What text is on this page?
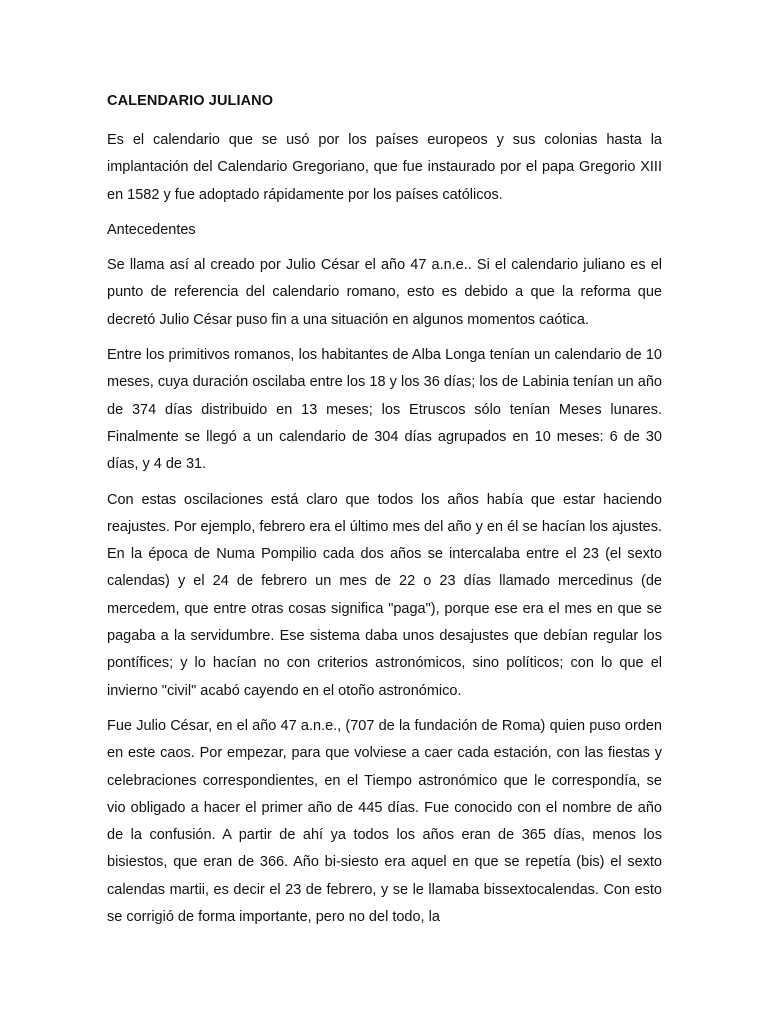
CALENDARIO JULIANO

Es el calendario que se usó por los países europeos y sus colonias hasta la implantación del Calendario Gregoriano, que fue instaurado por el papa Gregorio XIII en 1582 y fue adoptado rápidamente por los países católicos.

Antecedentes

Se llama así al creado por Julio César el año 47 a.n.e.. Si el calendario juliano es el punto de referencia del calendario romano, esto es debido a que la reforma que decretó Julio César puso fin a una situación en algunos momentos caótica.

Entre los primitivos romanos, los habitantes de Alba Longa tenían un calendario de 10 meses, cuya duración oscilaba entre los 18 y los 36 días; los de Labinia tenían un año de 374 días distribuido en 13 meses; los Etruscos sólo tenían Meses lunares. Finalmente se llegó a un calendario de 304 días agrupados en 10 meses: 6 de 30 días, y 4 de 31.

Con estas oscilaciones está claro que todos los años había que estar haciendo reajustes. Por ejemplo, febrero era el último mes del año y en él se hacían los ajustes. En la época de Numa Pompilio cada dos años se intercalaba entre el 23 (el sexto calendas) y el 24 de febrero un mes de 22 o 23 días llamado mercedinus (de mercedem, que entre otras cosas significa "paga"), porque ese era el mes en que se pagaba a la servidumbre. Ese sistema daba unos desajustes que debían regular los pontífices; y lo hacían no con criterios astronómicos, sino políticos; con lo que el invierno "civil" acabó cayendo en el otoño astronómico.

Fue Julio César, en el año 47 a.n.e., (707 de la fundación de Roma) quien puso orden en este caos. Por empezar, para que volviese a caer cada estación, con las fiestas y celebraciones correspondientes, en el Tiempo astronómico que le correspondía, se vio obligado a hacer el primer año de 445 días. Fue conocido con el nombre de año de la confusión. A partir de ahí ya todos los años eran de 365 días, menos los bisiestos, que eran de 366. Año bi-siesto era aquel en que se repetía (bis) el sexto calendas martii, es decir el 23 de febrero, y se le llamaba bissextocalendas. Con esto se corrigió de forma importante, pero no del todo, la
